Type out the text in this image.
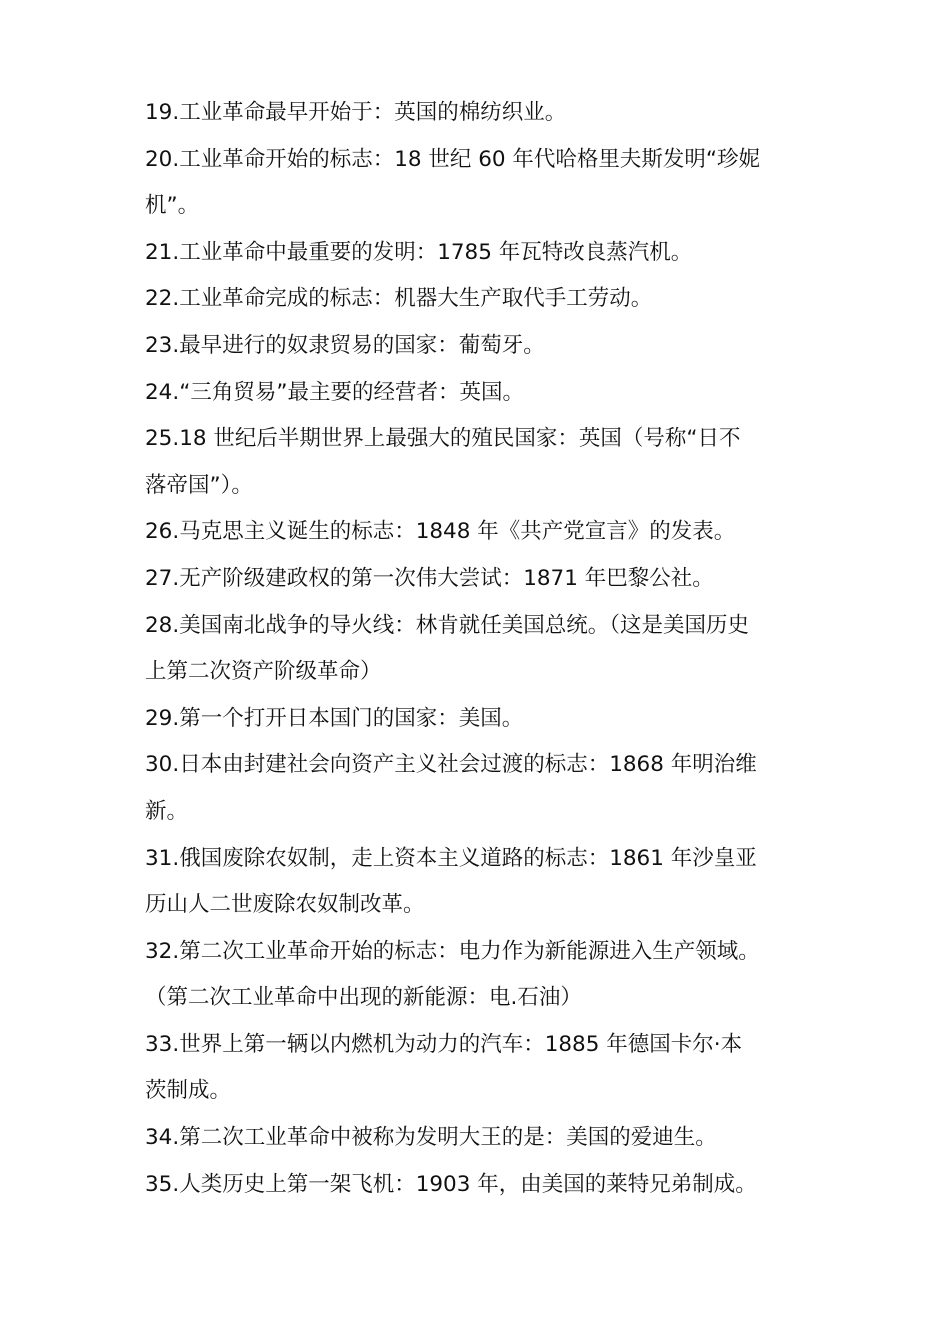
19.工业革命最早开始于：英国的棉纺织业。
20.工业革命开始的标志：18 世纪 60 年代哈格里夫斯发明“珍妮
机”。
21.工业革命中最重要的发明：1785 年瓦特改良蒸汽机。
22.工业革命完成的标志：机器大生产取代手工劳动。
23.最早进行的奴隶贸易的国家：葡萄牙。
24.“三角贸易”最主要的经营者：英国。
25.18 世纪后半期世界上最强大的殖民国家：英国（号称“日不
落帝国”）。
26.马克思主义诞生的标志：1848 年《共产党宣言》的发表。
27.无产阶级建政权的第一次伟大尝试：1871 年巴黎公社。
28.美国南北战争的导火线：林肯就任美国总统。（这是美国历史
上第二次资产阶级革命）
29.第一个打开日本国门的国家：美国。
30.日本由封建社会向资产主义社会过渡的标志：1868 年明治维
新。
31.俄国废除农奴制，走上资本主义道路的标志：1861 年沙皇亚
历山人二世废除农奴制改革。
32.第二次工业革命开始的标志：电力作为新能源进入生产领域。
（第二次工业革命中出现的新能源：电.石油）
33.世界上第一辆以内燃机为动力的汽车：1885 年德国卡尔·本
茨制成。
34.第二次工业革命中被称为发明大王的是：美国的爱迪生。
35.人类历史上第一架飞机：1903 年，由美国的莱特兄弟制成。
